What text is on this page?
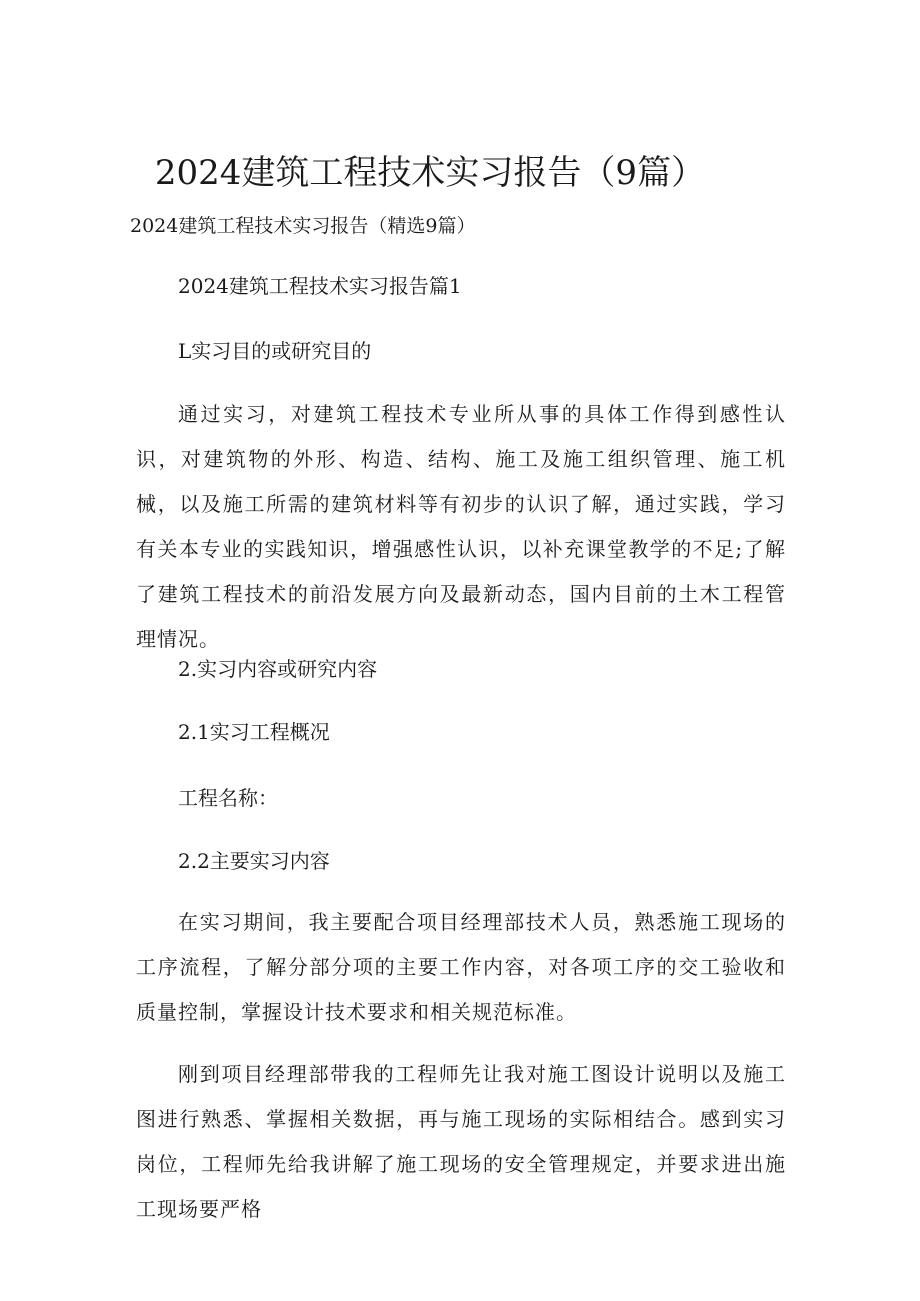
2024建筑工程技术实习报告（9篇）
2024建筑工程技术实习报告（精选9篇）
2024建筑工程技术实习报告篇1
L实习目的或研究目的
通过实习，对建筑工程技术专业所从事的具体工作得到感性认识，对建筑物的外形、构造、结构、施工及施工组织管理、施工机械，以及施工所需的建筑材料等有初步的认识了解，通过实践，学习有关本专业的实践知识，增强感性认识，以补充课堂教学的不足;了解了建筑工程技术的前沿发展方向及最新动态，国内目前的土木工程管理情况。
2.实习内容或研究内容
2.1实习工程概况
工程名称：
2.2主要实习内容
在实习期间，我主要配合项目经理部技术人员，熟悉施工现场的工序流程，了解分部分项的主要工作内容，对各项工序的交工验收和质量控制，掌握设计技术要求和相关规范标准。
刚到项目经理部带我的工程师先让我对施工图设计说明以及施工图进行熟悉、掌握相关数据，再与施工现场的实际相结合。感到实习岗位，工程师先给我讲解了施工现场的安全管理规定，并要求进出施工现场要严格
